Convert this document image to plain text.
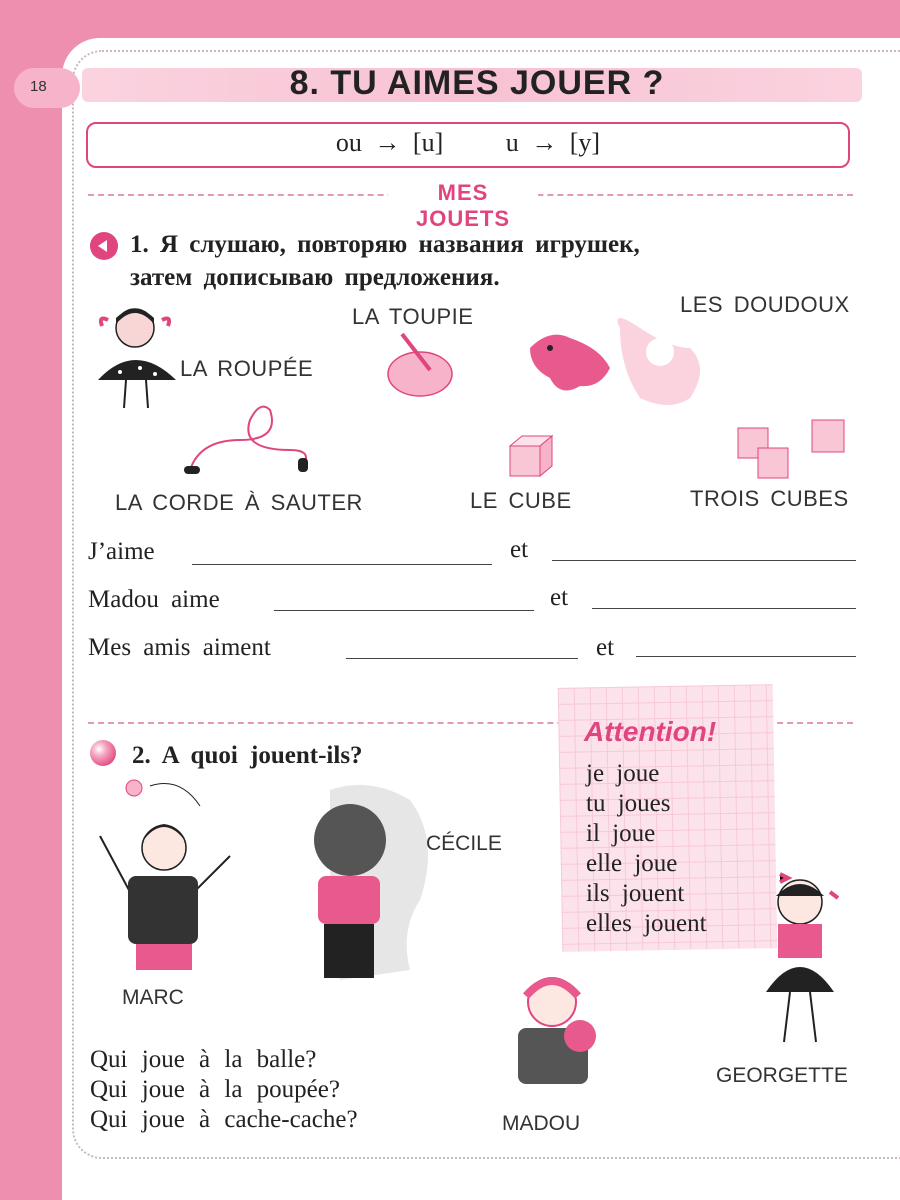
18	8. TU AIMES JOUER ?
ou → [u]     u → [y]
MES JOUETS
1. Я слушаю, повторяю названия игрушек,
затем дописываю предложения.
LA ROUPÉE
LA TOUPIE	LES DOUDOUX
LA CORDE À SAUTER	LE CUBE	TROIS CUBES
J’aime	et
Madou aime	et
Mes amis aiment	et
Attention!
je joue
tu joues
il joue
elle joue
ils jouent
elles jouent
2. A quoi jouent-ils?
MARC
CÉCILE
MADOU
GEORGETTE
Qui joue à la balle?
Qui joue à la poupée?
Qui joue à cache-cache?
